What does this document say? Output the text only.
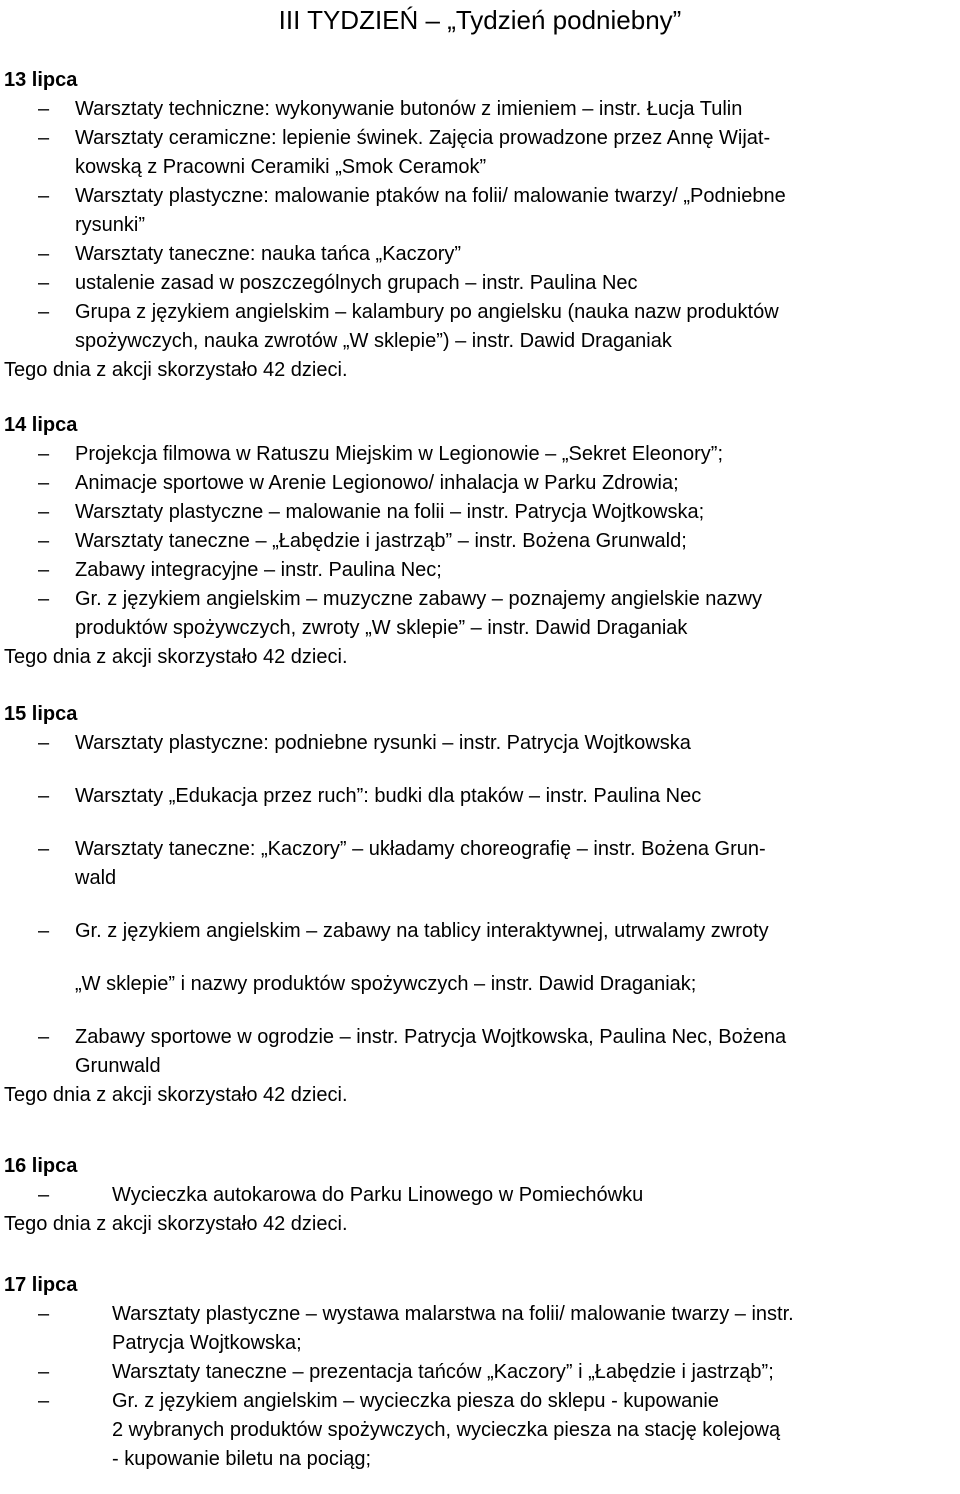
III TYDZIEŃ – „Tydzień podniebny”
13 lipca
–	Warsztaty techniczne: wykonywanie butonów z imieniem – instr. Łucja Tulin
–	Warsztaty ceramiczne: lepienie świnek. Zajęcia prowadzone przez Annę Wijat-
kowską z Pracowni Ceramiki „Smok Ceramok”
–	Warsztaty plastyczne: malowanie ptaków na folii/ malowanie twarzy/ „Podniebne
rysunki”
–	Warsztaty taneczne: nauka tańca „Kaczory”
–	ustalenie zasad w poszczególnych grupach – instr. Paulina Nec
–	Grupa z językiem angielskim – kalambury po angielsku (nauka nazw produktów
spożywczych, nauka zwrotów „W sklepie”) – instr. Dawid Draganiak
Tego dnia z akcji skorzystało 42 dzieci.
14 lipca
–	Projekcja filmowa w Ratuszu Miejskim w Legionowie – „Sekret Eleonory”;
–	Animacje sportowe w Arenie Legionowo/ inhalacja w Parku Zdrowia;
–	Warsztaty plastyczne – malowanie na folii – instr. Patrycja Wojtkowska;
–	Warsztaty taneczne – „Łabędzie i jastrząb” – instr. Bożena Grunwald;
–	Zabawy integracyjne – instr. Paulina Nec;
–	Gr. z językiem angielskim – muzyczne zabawy – poznajemy angielskie nazwy
produktów spożywczych, zwroty „W sklepie” – instr. Dawid Draganiak
Tego dnia z akcji skorzystało 42 dzieci.
15 lipca
–	Warsztaty plastyczne: podniebne rysunki – instr. Patrycja Wojtkowska
–	Warsztaty „Edukacja przez ruch”: budki dla ptaków – instr. Paulina Nec
–	Warsztaty taneczne: „Kaczory” – układamy choreografię – instr. Bożena Grun-
wald
–	Gr. z językiem angielskim – zabawy na tablicy interaktywnej, utrwalamy zwroty
„W sklepie” i nazwy produktów spożywczych – instr. Dawid Draganiak;
–	Zabawy sportowe w ogrodzie – instr. Patrycja Wojtkowska, Paulina Nec, Bożena
Grunwald
Tego dnia z akcji skorzystało 42 dzieci.
16 lipca
–	Wycieczka autokarowa do Parku Linowego w Pomiechówku
Tego dnia z akcji skorzystało 42 dzieci.
17 lipca
–	Warsztaty plastyczne – wystawa malarstwa na folii/ malowanie twarzy – instr.
Patrycja Wojtkowska;
–	Warsztaty taneczne – prezentacja tańców „Kaczory” i „Łabędzie i jastrząb”;
–	Gr. z językiem angielskim – wycieczka piesza do sklepu - kupowanie
2 wybranych produktów spożywczych, wycieczka piesza na stację kolejową
- kupowanie biletu na pociąg;
